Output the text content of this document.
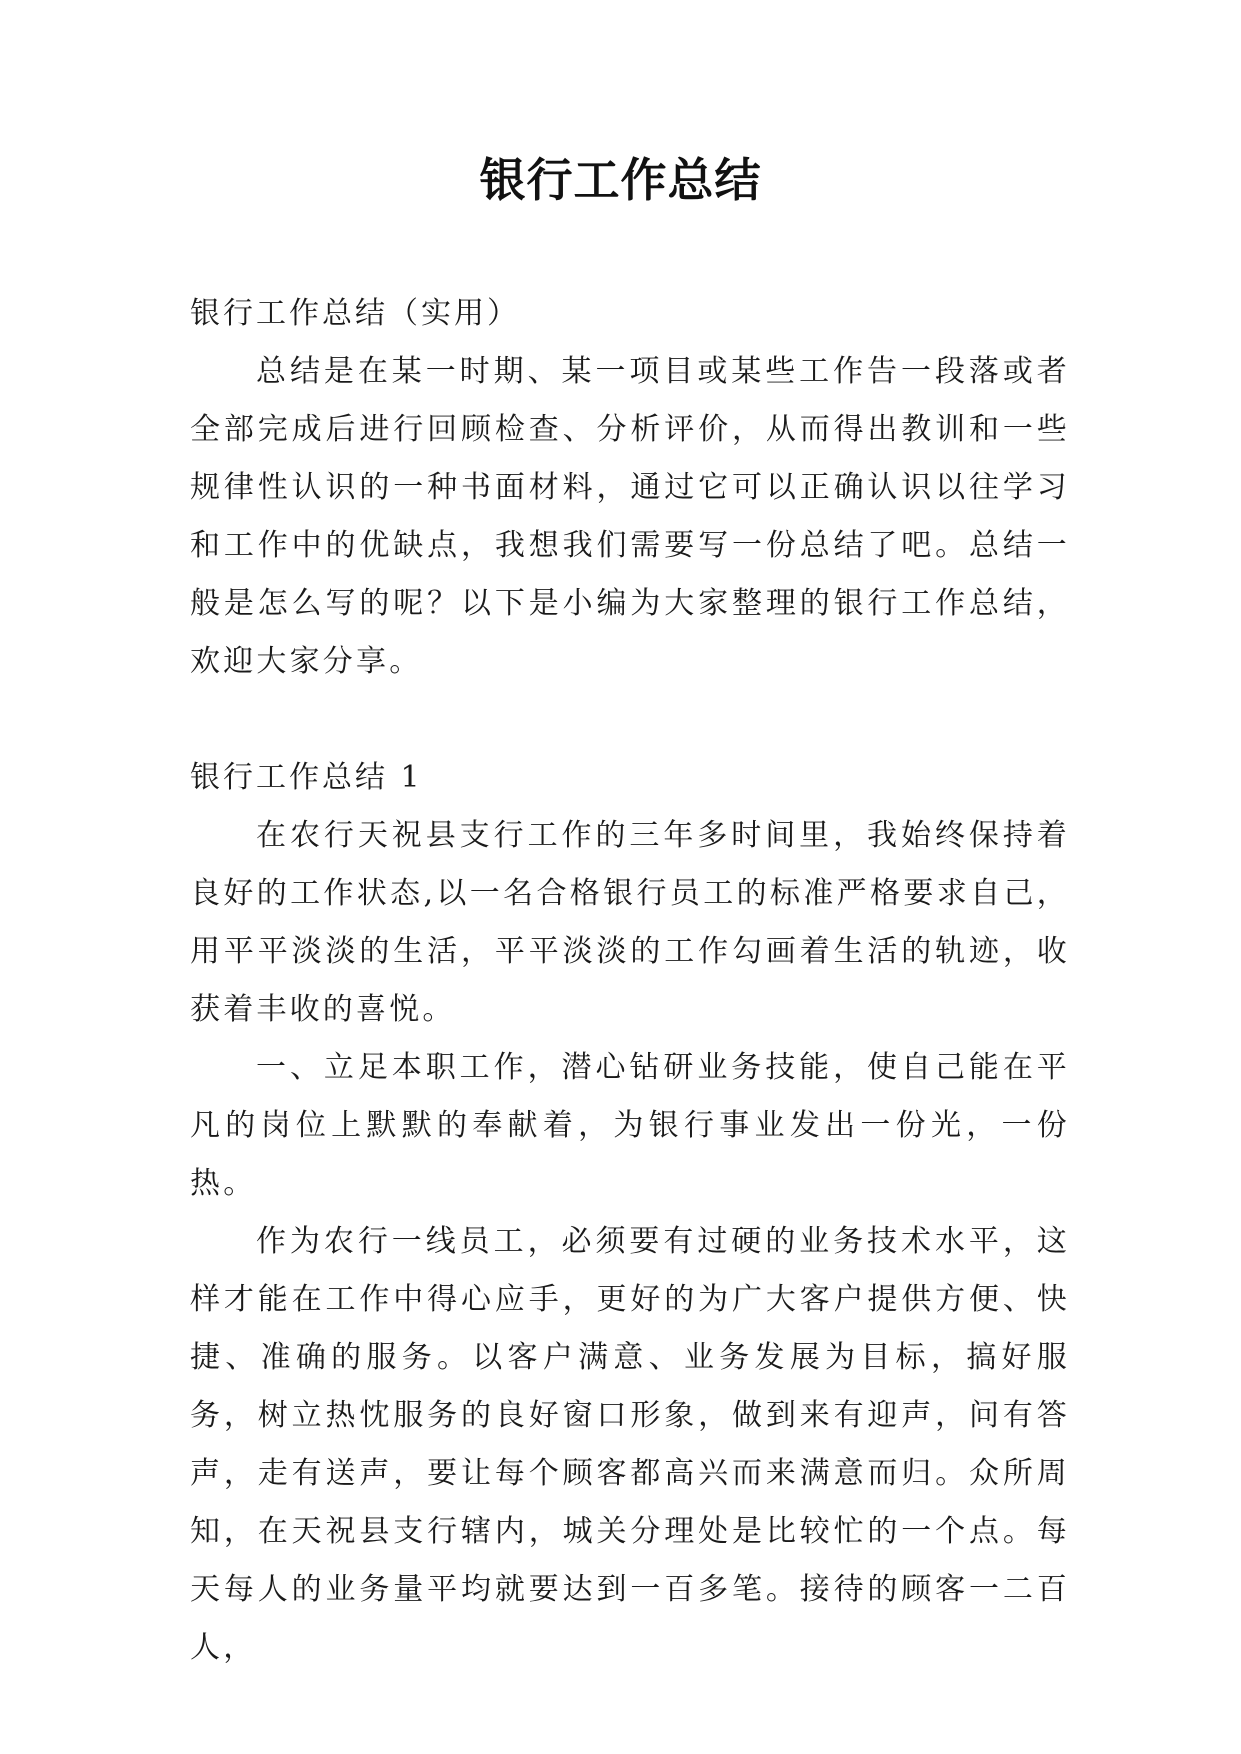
银行工作总结
银行工作总结（实用）
总结是在某一时期、某一项目或某些工作告一段落或者全部完成后进行回顾检查、分析评价，从而得出教训和一些规律性认识的一种书面材料，通过它可以正确认识以往学习和工作中的优缺点，我想我们需要写一份总结了吧。总结一般是怎么写的呢？以下是小编为大家整理的银行工作总结，欢迎大家分享。
银行工作总结 1
在农行天祝县支行工作的三年多时间里，我始终保持着良好的工作状态,以一名合格银行员工的标准严格要求自己，用平平淡淡的生活，平平淡淡的工作勾画着生活的轨迹，收获着丰收的喜悦。
一、立足本职工作，潜心钻研业务技能，使自己能在平凡的岗位上默默的奉献着，为银行事业发出一份光，一份热。
作为农行一线员工，必须要有过硬的业务技术水平，这样才能在工作中得心应手，更好的为广大客户提供方便、快捷、准确的服务。以客户满意、业务发展为目标，搞好服务，树立热忱服务的良好窗口形象，做到来有迎声，问有答声，走有送声，要让每个顾客都高兴而来满意而归。众所周知，在天祝县支行辖内，城关分理处是比较忙的一个点。每天每人的业务量平均就要达到一百多笔。接待的顾客一二百人，
